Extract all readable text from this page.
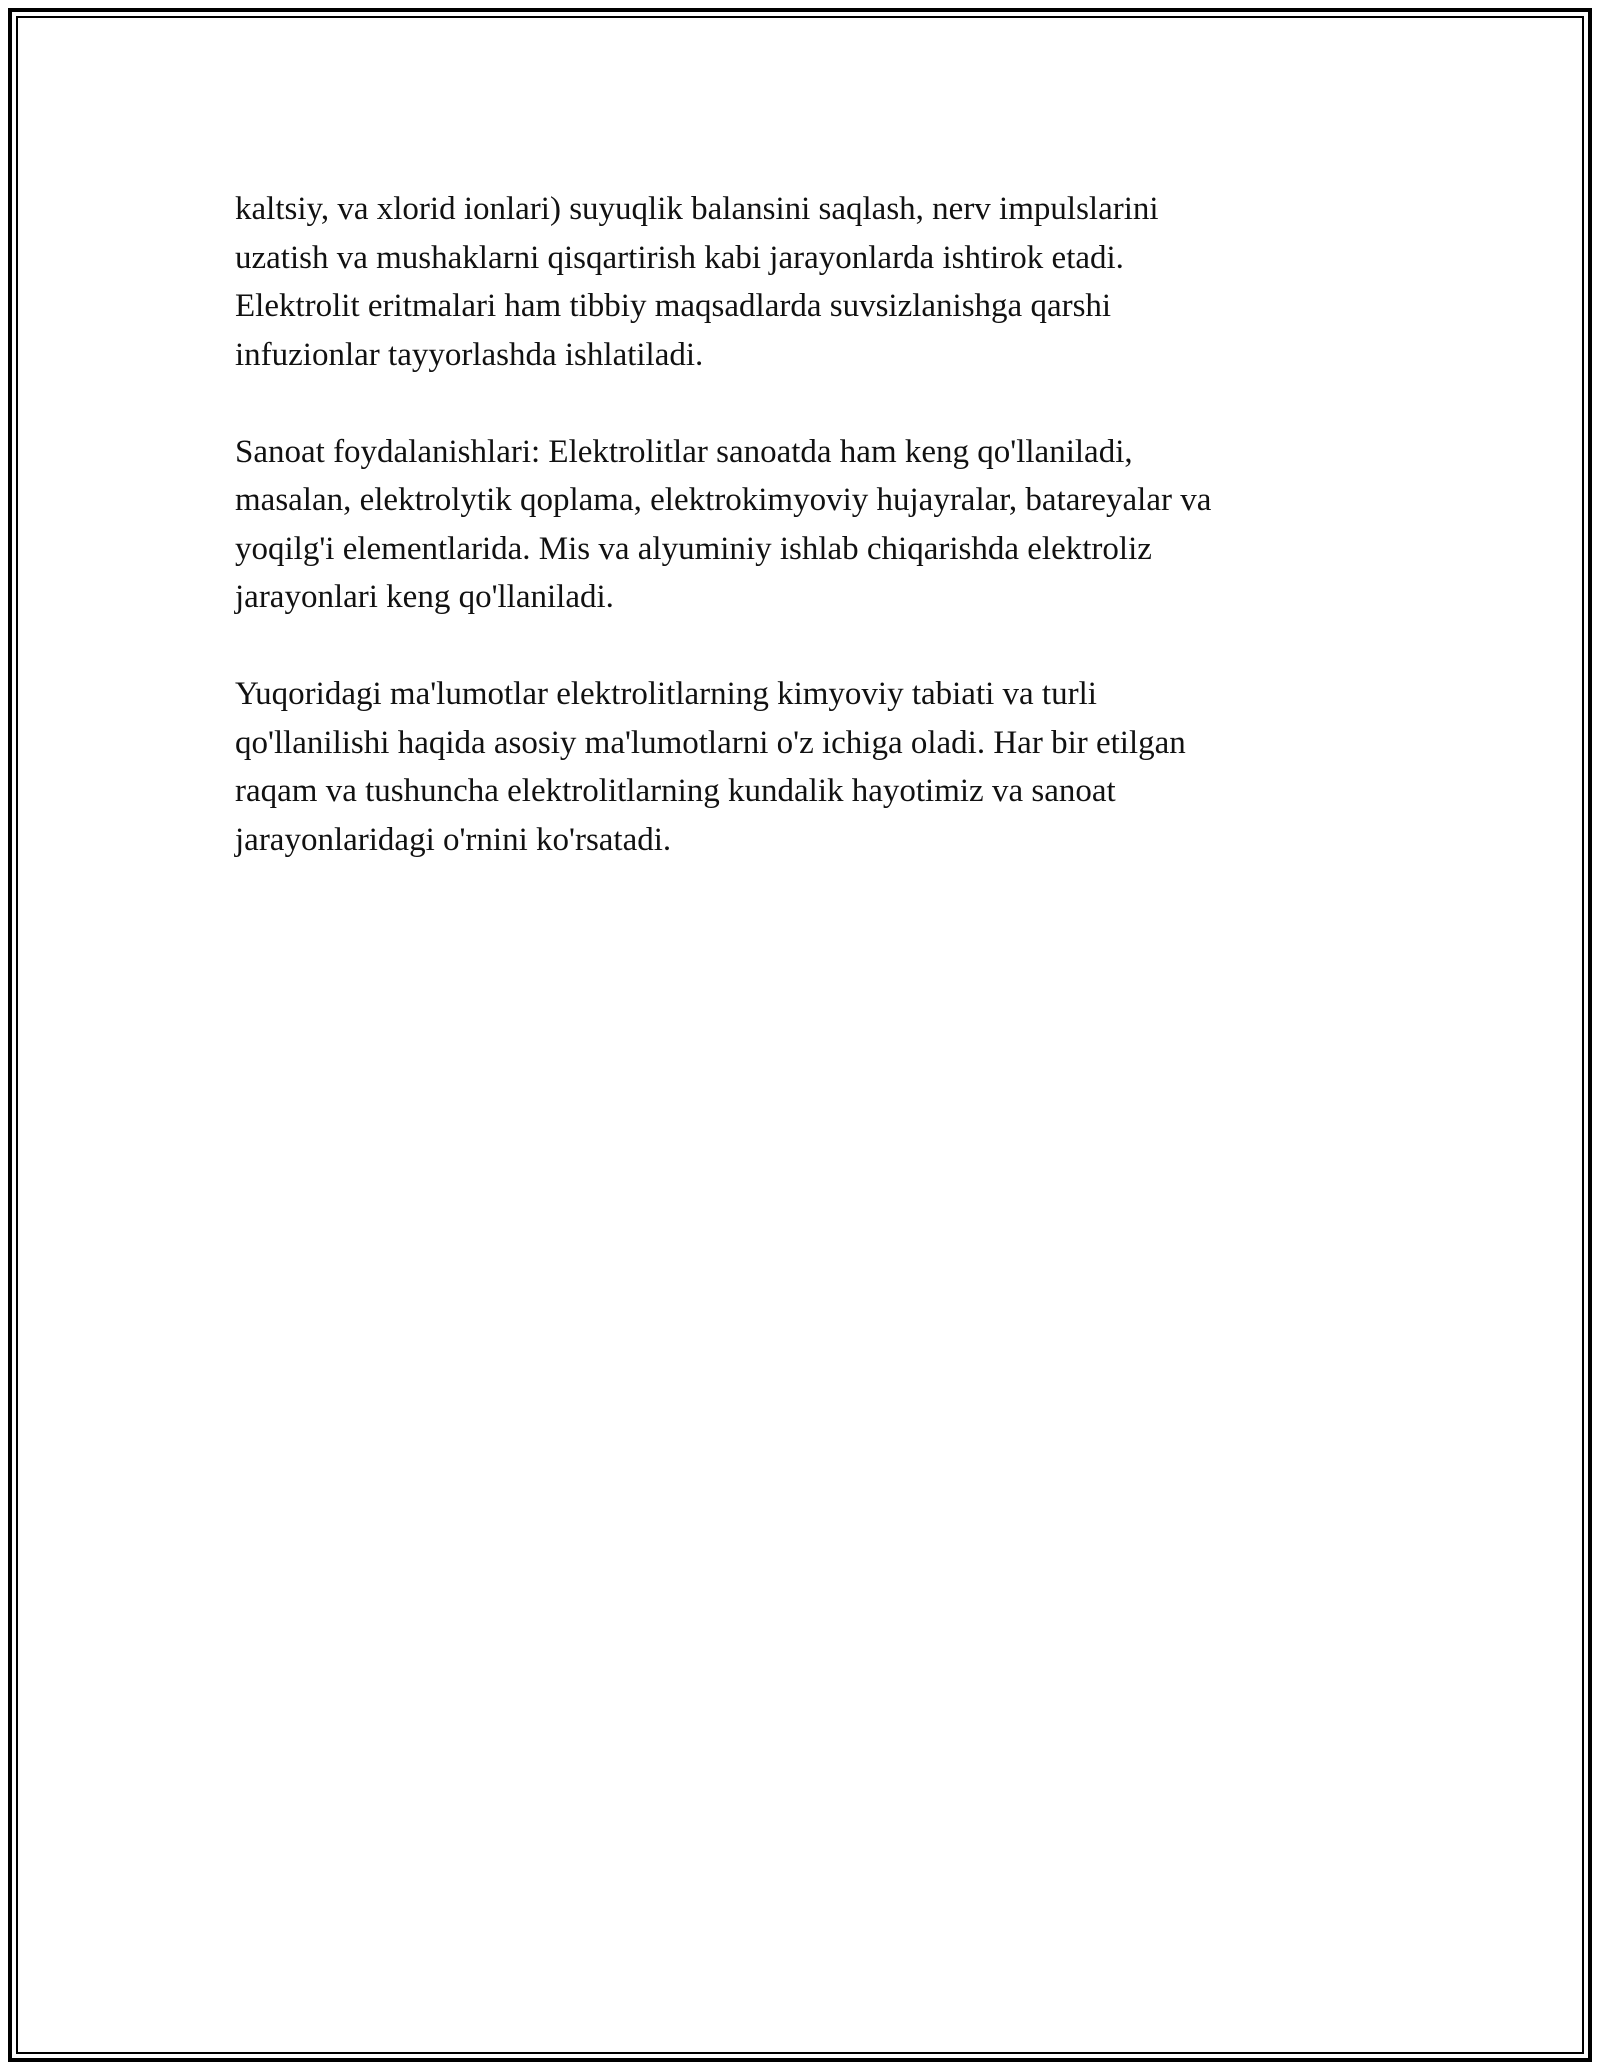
kaltsiy, va xlorid ionlari) suyuqlik balansini saqlash, nerv impulslarini
uzatish va mushaklarni qisqartirish kabi jarayonlarda ishtirok etadi.
Elektrolit eritmalari ham tibbiy maqsadlarda suvsizlanishga qarshi
infuzionlar tayyorlashda ishlatiladi.

Sanoat foydalanishlari: Elektrolitlar sanoatda ham keng qo'llaniladi,
masalan, elektrolytik qoplama, elektrokimyoviy hujayralar, batareyalar va
yoqilg'i elementlarida. Mis va alyuminiy ishlab chiqarishda elektroliz
jarayonlari keng qo'llaniladi.

Yuqoridagi ma'lumotlar elektrolitlarning kimyoviy tabiati va turli
qo'llanilishi haqida asosiy ma'lumotlarni o'z ichiga oladi. Har bir etilgan
raqam va tushuncha elektrolitlarning kundalik hayotimiz va sanoat
jarayonlaridagi o'rnini ko'rsatadi.
